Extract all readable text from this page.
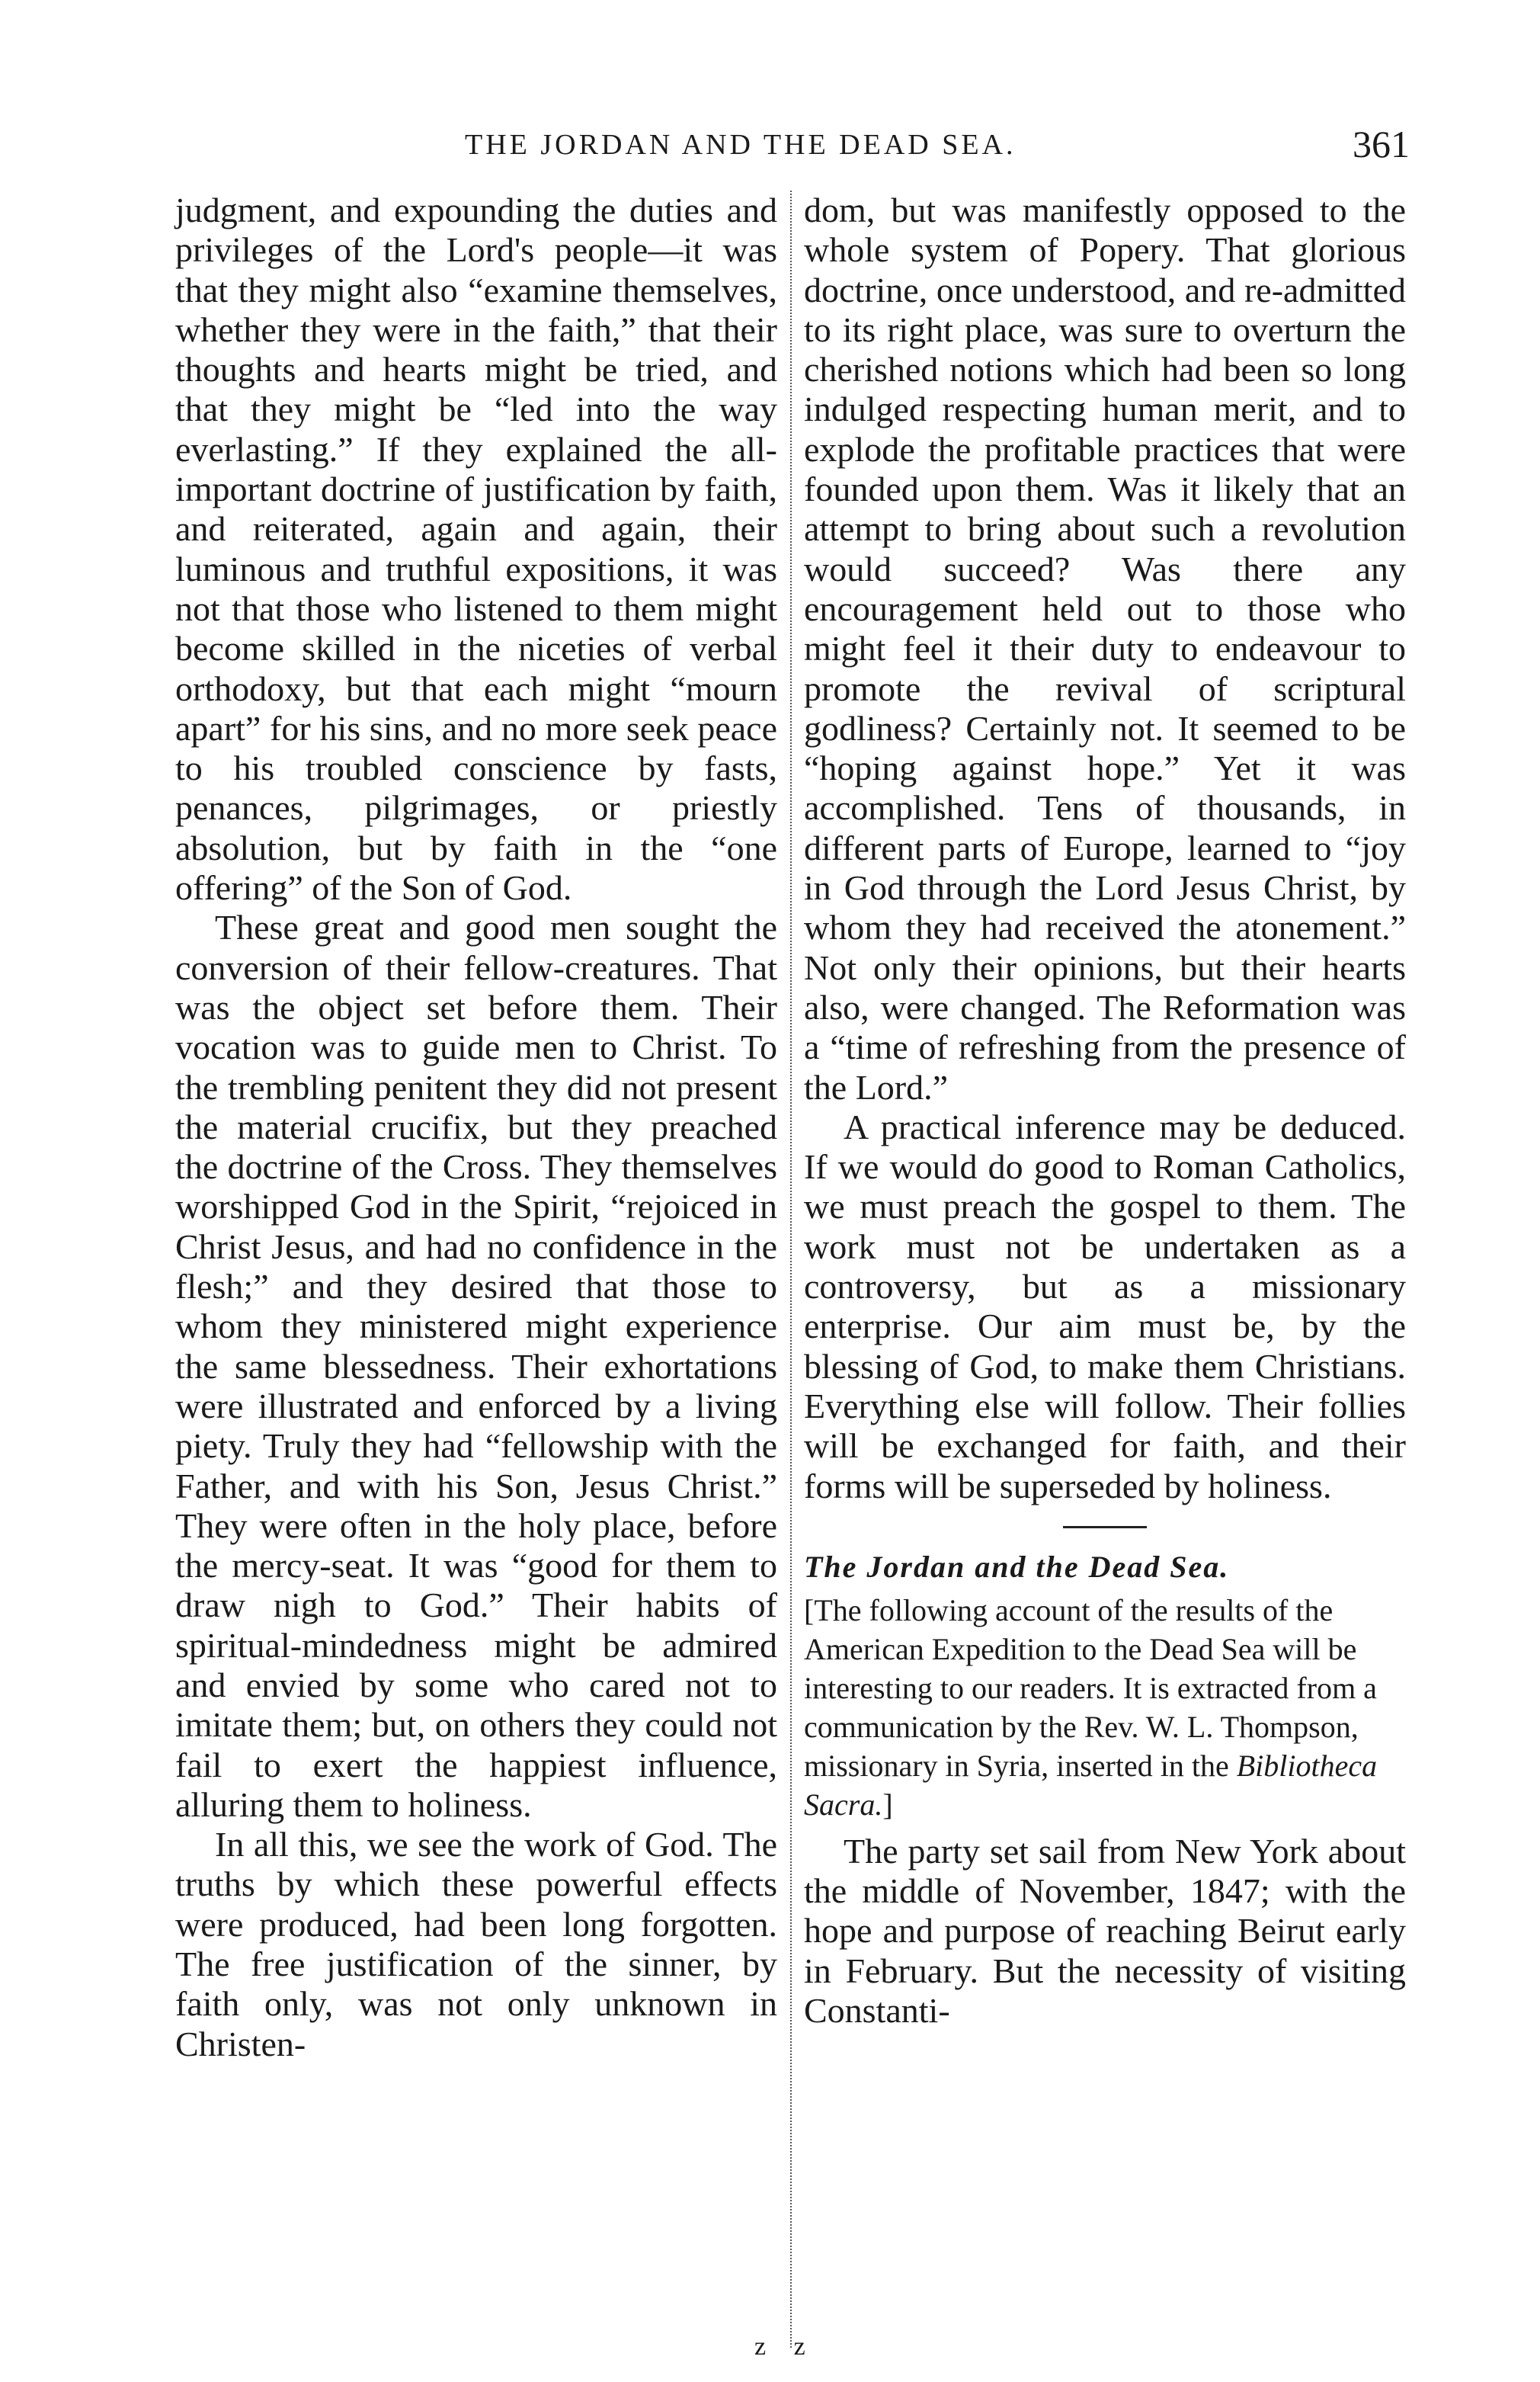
THE JORDAN AND THE DEAD SEA.	361

judgment, and expounding the duties and privileges of the Lord's people—it was that they might also “examine themselves, whether they were in the faith,” that their thoughts and hearts might be tried, and that they might be “led into the way everlasting.” If they explained the all-important doctrine of justification by faith, and reiterated, again and again, their luminous and truthful expositions, it was not that those who listened to them might become skilled in the niceties of verbal orthodoxy, but that each might “mourn apart” for his sins, and no more seek peace to his troubled conscience by fasts, penances, pilgrimages, or priestly absolution, but by faith in the “one offering” of the Son of God.

These great and good men sought the conversion of their fellow-creatures. That was the object set before them. Their vocation was to guide men to Christ. To the trembling penitent they did not present the material crucifix, but they preached the doctrine of the Cross. They themselves worshipped God in the Spirit, “rejoiced in Christ Jesus, and had no confidence in the flesh;” and they desired that those to whom they ministered might experience the same blessedness. Their exhortations were illustrated and enforced by a living piety. Truly they had “fellowship with the Father, and with his Son, Jesus Christ.” They were often in the holy place, before the mercy-seat. It was “good for them to draw nigh to God.” Their habits of spiritual-mindedness might be admired and envied by some who cared not to imitate them; but, on others they could not fail to exert the happiest influence, alluring them to holiness.

In all this, we see the work of God. The truths by which these powerful effects were produced, had been long forgotten. The free justification of the sinner, by faith only, was not only unknown in Christen-

dom, but was manifestly opposed to the whole system of Popery. That glorious doctrine, once understood, and re-admitted to its right place, was sure to overturn the cherished notions which had been so long indulged respecting human merit, and to explode the profitable practices that were founded upon them. Was it likely that an attempt to bring about such a revolution would succeed? Was there any encouragement held out to those who might feel it their duty to endeavour to promote the revival of scriptural godliness? Certainly not. It seemed to be “hoping against hope.” Yet it was accomplished. Tens of thousands, in different parts of Europe, learned to “joy in God through the Lord Jesus Christ, by whom they had received the atonement.” Not only their opinions, but their hearts also, were changed. The Reformation was a “time of refreshing from the presence of the Lord.”

A practical inference may be deduced. If we would do good to Roman Catholics, we must preach the gospel to them. The work must not be undertaken as a controversy, but as a missionary enterprise. Our aim must be, by the blessing of God, to make them Christians. Everything else will follow. Their follies will be exchanged for faith, and their forms will be superseded by holiness.

The Jordan and the Dead Sea.

[The following account of the results of the American Expedition to the Dead Sea will be interesting to our readers. It is extracted from a communication by the Rev. W. L. Thompson, missionary in Syria, inserted in the Bibliotheca Sacra.]

The party set sail from New York about the middle of November, 1847; with the hope and purpose of reaching Beirut early in February. But the necessity of visiting Constanti-

z z
